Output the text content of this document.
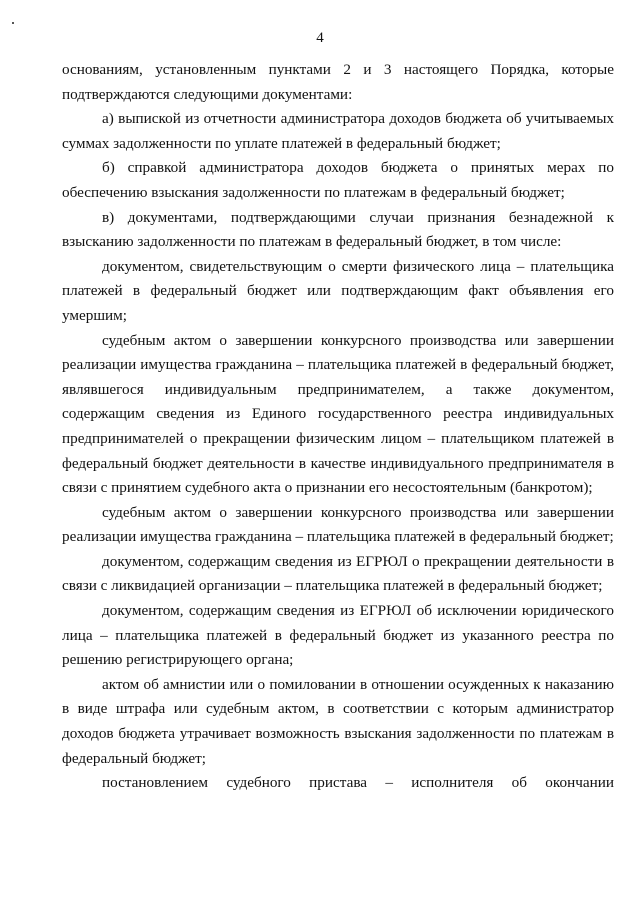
4

основаниям, установленным пунктами 2 и 3 настоящего Порядка, которые подтверждаются следующими документами:

а) выпиской из отчетности администратора доходов бюджета об учитываемых суммах задолженности по уплате платежей в федеральный бюджет;

б) справкой администратора доходов бюджета о принятых мерах по обеспечению взыскания задолженности по платежам в федеральный бюджет;

в) документами, подтверждающими случаи признания безнадежной к взысканию задолженности по платежам в федеральный бюджет, в том числе:

документом, свидетельствующим о смерти физического лица – плательщика платежей в федеральный бюджет или подтверждающим факт объявления его умершим;

судебным актом о завершении конкурсного производства или завершении реализации имущества гражданина – плательщика платежей в федеральный бюджет, являвшегося индивидуальным предпринимателем, а также документом, содержащим сведения из Единого государственного реестра индивидуальных предпринимателей о прекращении физическим лицом – плательщиком платежей в федеральный бюджет деятельности в качестве индивидуального предпринимателя в связи с принятием судебного акта о признании его несостоятельным (банкротом);

судебным актом о завершении конкурсного производства или завершении реализации имущества гражданина – плательщика платежей в федеральный бюджет;

документом, содержащим сведения из ЕГРЮЛ о прекращении деятельности в связи с ликвидацией организации – плательщика платежей в федеральный бюджет;

документом, содержащим сведения из ЕГРЮЛ об исключении юридического лица – плательщика платежей в федеральный бюджет из указанного реестра по решению регистрирующего органа;

актом об амнистии или о помиловании в отношении осужденных к наказанию в виде штрафа или судебным актом, в соответствии с которым администратор доходов бюджета утрачивает возможность взыскания задолженности по платежам в федеральный бюджет;

постановлением судебного пристава – исполнителя об окончании
